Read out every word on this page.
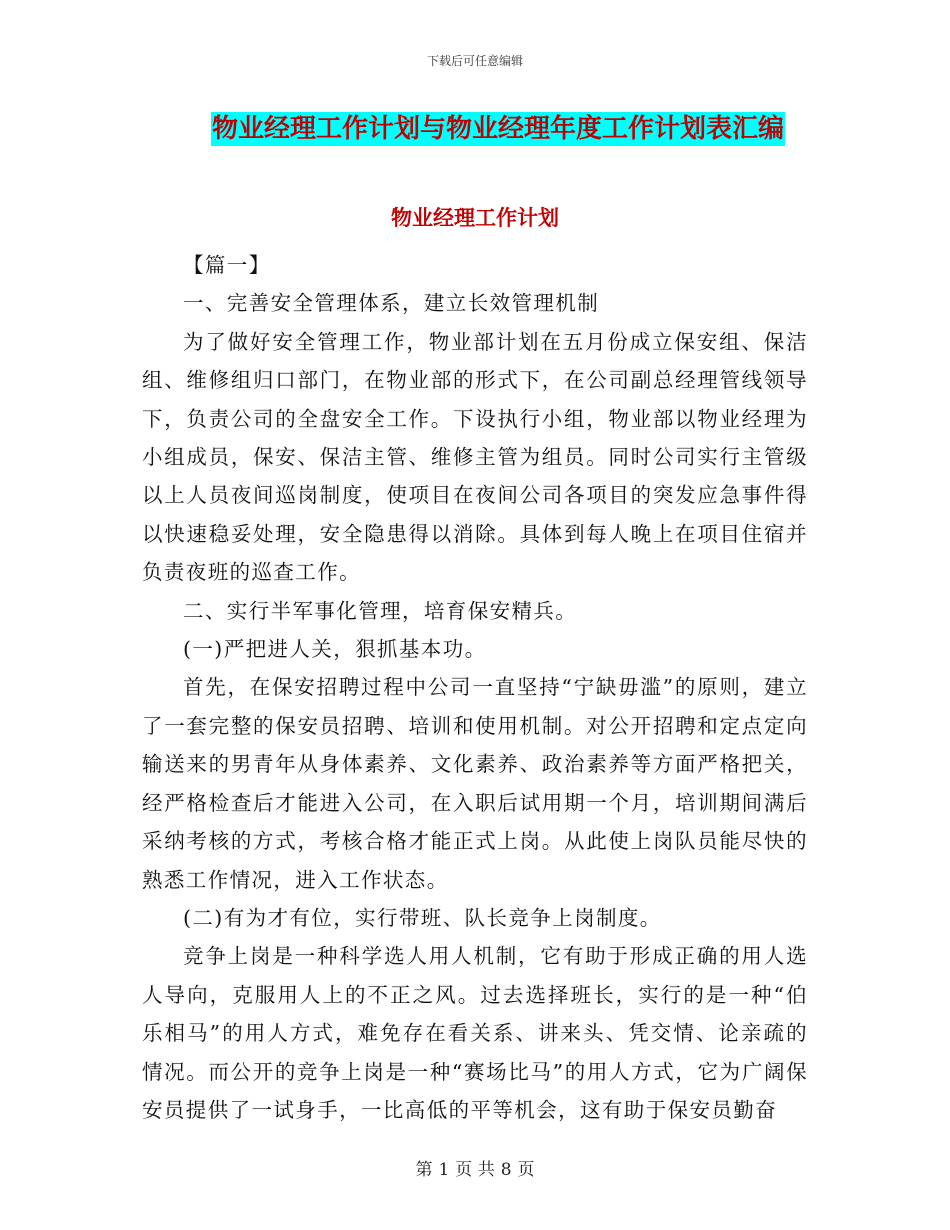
下载后可任意编辑
物业经理工作计划与物业经理年度工作计划表汇编
物业经理工作计划

【篇一】

一、完善安全管理体系，建立长效管理机制

为了做好安全管理工作，物业部计划在五月份成立保安组、保洁组、维修组归口部门，在物业部的形式下，在公司副总经理管线领导下，负责公司的全盘安全工作。下设执行小组，物业部以物业经理为小组成员，保安、保洁主管、维修主管为组员。同时公司实行主管级以上人员夜间巡岗制度，使项目在夜间公司各项目的突发应急事件得以快速稳妥处理，安全隐患得以消除。具体到每人晚上在项目住宿并负责夜班的巡查工作。

二、实行半军事化管理，培育保安精兵。

(一)严把进人关，狠抓基本功。

首先，在保安招聘过程中公司一直坚持“宁缺毋滥”的原则，建立了一套完整的保安员招聘、培训和使用机制。对公开招聘和定点定向输送来的男青年从身体素养、文化素养、政治素养等方面严格把关，经严格检查后才能进入公司，在入职后试用期一个月，培训期间满后采纳考核的方式，考核合格才能正式上岗。从此使上岗队员能尽快的熟悉工作情况，进入工作状态。

(二)有为才有位，实行带班、队长竞争上岗制度。

竞争上岗是一种科学选人用人机制，它有助于形成正确的用人选人导向，克服用人上的不正之风。过去选择班长，实行的是一种“伯乐相马”的用人方式，难免存在看关系、讲来头、凭交情、论亲疏的情况。而公开的竞争上岗是一种“赛场比马”的用人方式，它为广阔保安员提供了一试身手，一比高低的平等机会，这有助于保安员勤奋

第 1 页 共 8 页
